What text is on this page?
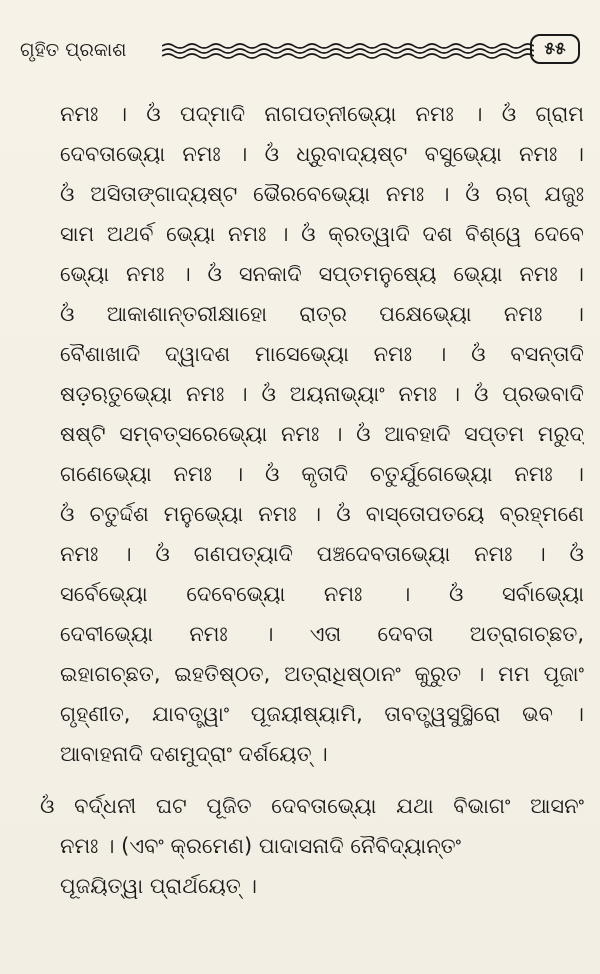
ଗୃହିତ ପ୍ରକାଶ	୫୫
ନମଃ । ଓଁ ପଦ୍ମାଦି ନାଗପତ୍ନୀଭ୍ୟୋ ନମଃ । ଓଁ ଗ୍ରାମ
ଦେବତାଭ୍ୟୋ ନମଃ । ଓଁ ଧ୍ରୁବାଦ୍ୟଷ୍ଟ ବସୁଭ୍ୟୋ ନମଃ ।
ଓଁ ଅସିତାଙ୍ଗାଦ୍ୟଷ୍ଟ ଭୈରବେଭ୍ୟୋ ନମଃ । ଓଁ ଋଗ୍ ଯଜୁଃ
ସାମ ଅଥର୍ବ ଭ୍ୟୋ ନମଃ । ଓଁ କ୍ରତ୍ୱାଦି ଦଶ ବିଶ୍ୱେ ଦେବେ
ଭ୍ୟୋ ନମଃ । ଓଁ ସନକାଦି ସପ୍ତମନୁଷ୍ୟେ ଭ୍ୟୋ ନମଃ ।
ଓଁ ଆକାଶାନ୍ତରୀକ୍ଷାହୋ ରାତ୍ର ପକ୍ଷେଭ୍ୟୋ ନମଃ ।
ବୈଶାଖାଦି ଦ୍ୱାଦଶ ମାସେଭ୍ୟୋ ନମଃ । ଓଁ ବସନ୍ତାଦି
ଷଡ଼ଋତୁଭ୍ୟୋ ନମଃ । ଓଁ ଅୟନାଭ୍ୟାଂ ନମଃ । ଓଁ ପ୍ରଭବାଦି
ଷଷ୍ଟି ସମ୍ବତ୍ସରେଭ୍ୟୋ ନମଃ । ଓଁ ଆବହାଦି ସପ୍ତମ ମରୁଦ୍
ଗଣେଭ୍ୟୋ ନମଃ । ଓଁ କୃତାଦି ଚତୁର୍ଯୁଗେଭ୍ୟୋ ନମଃ ।
ଓଁ ଚତୁର୍ଦ୍ଦଶ ମନୁଭ୍ୟୋ ନମଃ । ଓଁ ବାସ୍ତୋପତୟେ ବ୍ରହ୍ମଣେ
ନମଃ । ଓଁ ଗଣପତ୍ୟାଦି ପଞ୍ଚଦେବତାଭ୍ୟୋ ନମଃ । ଓଁ
ସର୍ବେଭ୍ୟୋ ଦେବେଭ୍ୟୋ ନମଃ । ଓଁ ସର୍ବାଭ୍ୟୋ
ଦେବୀଭ୍ୟୋ ନମଃ । ଏତା ଦେବତା ଅତ୍ରାଗଚ୍ଛତ,
ଇହାଗଚ୍ଛତ, ଇହତିଷ୍ଠତ, ଅତ୍ରାଧିଷ୍ଠାନଂ କୁରୁତ । ମମ ପୂଜାଂ
ଗୃହ୍ଣୀତ, ଯାବତ୍ତ୍ୱାଂ ପୂଜୟୀଷ୍ୟାମି, ତାବତ୍ତ୍ୱସୁସ୍ଥିରୋ ଭବ ।
ଆବାହନାଦି ଦଶମୁଦ୍ରାଂ ଦର୍ଶୟେତ୍ ।
ଓଁ ବର୍ଦ୍ଧନୀ ଘଟ ପୂଜିତ ଦେବତାଭ୍ୟୋ ଯଥା ବିଭାଗଂ ଆସନଂ
ନମଃ । (ଏବଂ କ୍ରମେଣ) ପାଦାସନାଦି ନୈବିଦ୍ୟାନ୍ତଂ
ପୂଜୟିତ୍ୱା ପ୍ରାର୍ଥୟେତ୍ ।
